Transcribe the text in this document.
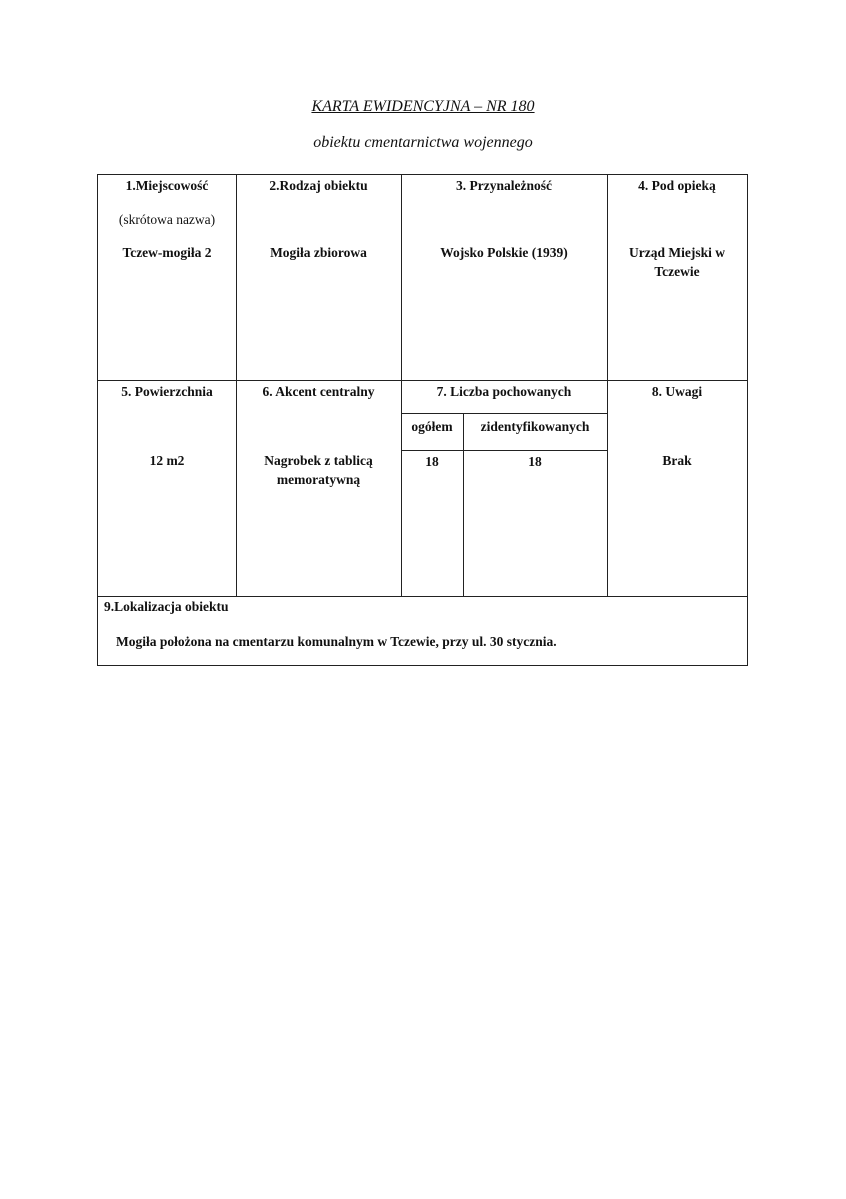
KARTA EWIDENCYJNA – NR 180
obiektu cmentarnictwa wojennego
1.Miejscowość
(skrótowa nazwa)
Tczew-mogiła 2
2.Rodzaj obiektu
Mogiła zbiorowa
3. Przynależność
Wojsko Polskie (1939)
4. Pod opieką
Urząd Miejski w
Tczewie
5. Powierzchnia
12 m2
6. Akcent centralny
Nagrobek z tablicą
memoratywną
7. Liczba pochowanych
ogółem	zidentyfikowanych
18	18
8. Uwagi
Brak
9.Lokalizacja obiektu
Mogiła położona na cmentarzu komunalnym w Tczewie, przy ul. 30 stycznia.
